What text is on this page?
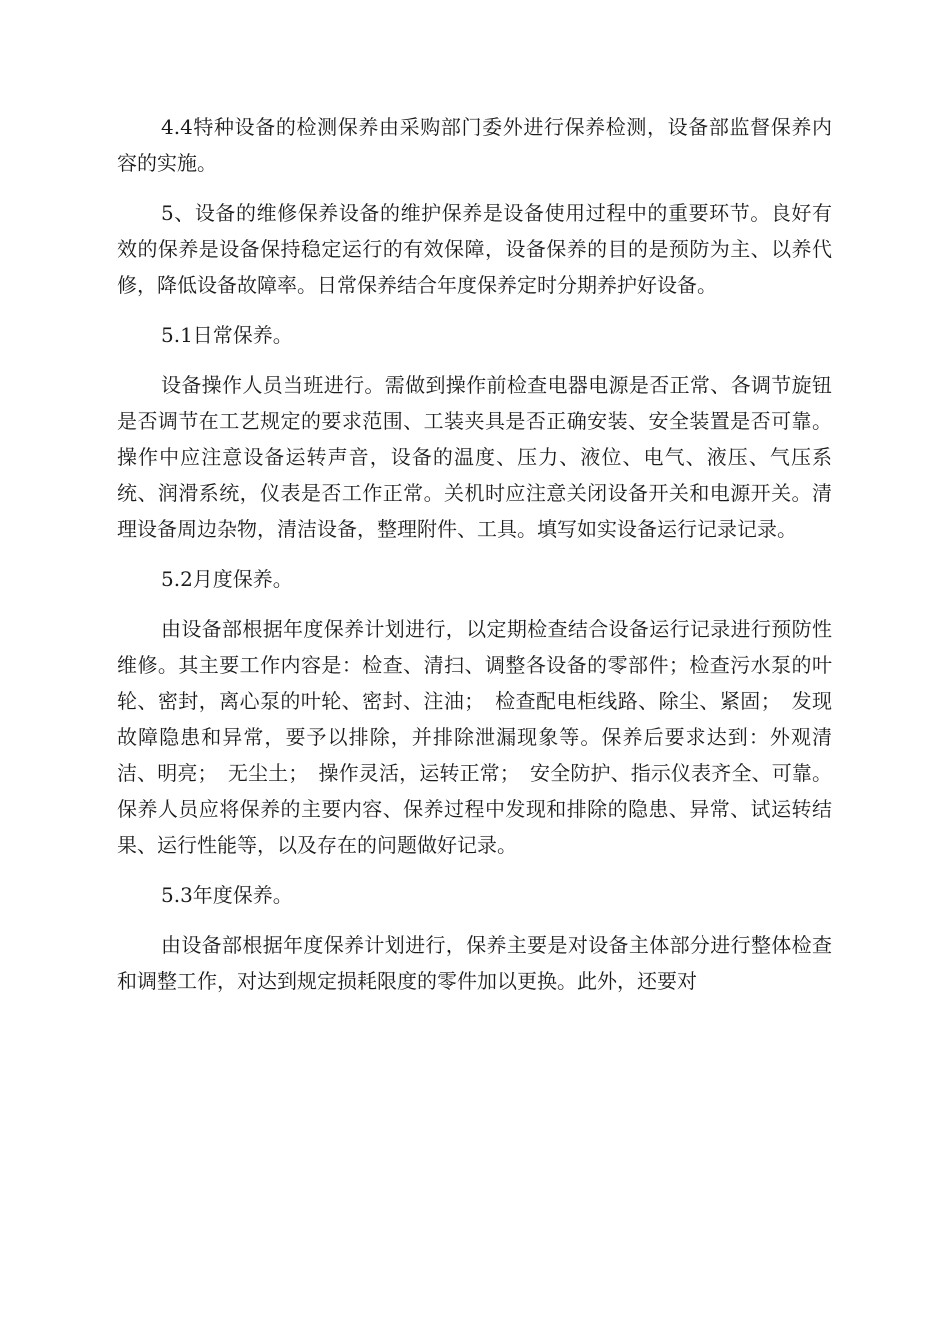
4.4特种设备的检测保养由采购部门委外进行保养检测，设备部监督保养内容的实施。

5、设备的维修保养设备的维护保养是设备使用过程中的重要环节。良好有效的保养是设备保持稳定运行的有效保障，设备保养的目的是预防为主、以养代修，降低设备故障率。日常保养结合年度保养定时分期养护好设备。

5.1日常保养。

设备操作人员当班进行。需做到操作前检查电器电源是否正常、各调节旋钮是否调节在工艺规定的要求范围、工装夹具是否正确安装、安全装置是否可靠。操作中应注意设备运转声音，设备的温度、压力、液位、电气、液压、气压系统、润滑系统，仪表是否工作正常。关机时应注意关闭设备开关和电源开关。清理设备周边杂物，清洁设备，整理附件、工具。填写如实设备运行记录记录。

5.2月度保养。

由设备部根据年度保养计划进行，以定期检查结合设备运行记录进行预防性维修。其主要工作内容是：检查、清扫、调整各设备的零部件；检查污水泵的叶轮、密封，离心泵的叶轮、密封、注油；　检查配电柜线路、除尘、紧固；　发现故障隐患和异常，要予以排除，并排除泄漏现象等。保养后要求达到：外观清洁、明亮；　无尘土；　操作灵活，运转正常；　安全防护、指示仪表齐全、可靠。保养人员应将保养的主要内容、保养过程中发现和排除的隐患、异常、试运转结果、运行性能等，以及存在的问题做好记录。

5.3年度保养。

由设备部根据年度保养计划进行，保养主要是对设备主体部分进行整体检查和调整工作，对达到规定损耗限度的零件加以更换。此外，还要对
